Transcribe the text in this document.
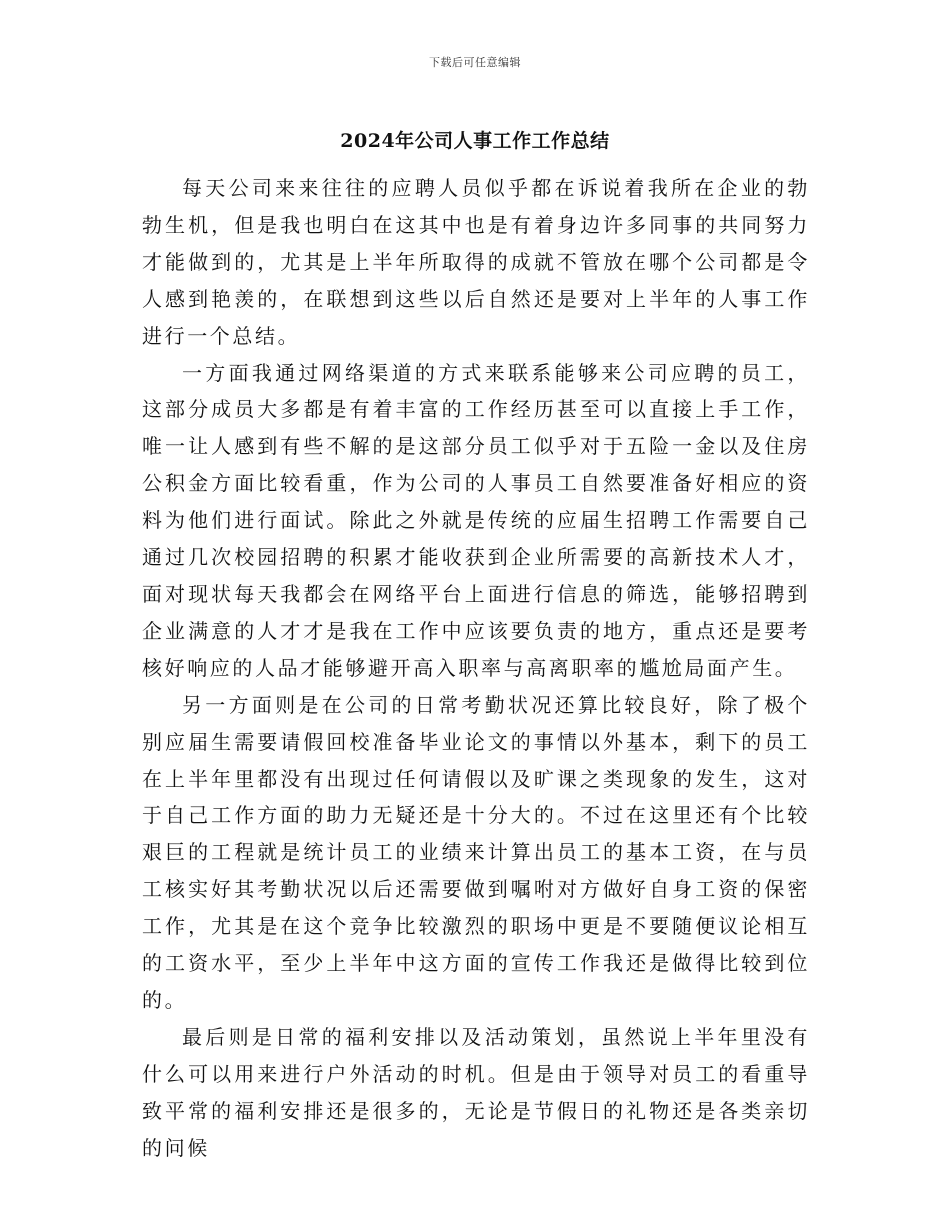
下载后可任意编辑
2024年公司人事工作工作总结

每天公司来来往往的应聘人员似乎都在诉说着我所在企业的勃勃生机，但是我也明白在这其中也是有着身边许多同事的共同努力才能做到的，尤其是上半年所取得的成就不管放在哪个公司都是令人感到艳羡的，在联想到这些以后自然还是要对上半年的人事工作进行一个总结。

一方面我通过网络渠道的方式来联系能够来公司应聘的员工，这部分成员大多都是有着丰富的工作经历甚至可以直接上手工作，唯一让人感到有些不解的是这部分员工似乎对于五险一金以及住房公积金方面比较看重，作为公司的人事员工自然要准备好相应的资料为他们进行面试。除此之外就是传统的应届生招聘工作需要自己通过几次校园招聘的积累才能收获到企业所需要的高新技术人才，面对现状每天我都会在网络平台上面进行信息的筛选，能够招聘到企业满意的人才才是我在工作中应该要负责的地方，重点还是要考核好响应的人品才能够避开高入职率与高离职率的尴尬局面产生。

另一方面则是在公司的日常考勤状况还算比较良好，除了极个别应届生需要请假回校准备毕业论文的事情以外基本，剩下的员工在上半年里都没有出现过任何请假以及旷课之类现象的发生，这对于自己工作方面的助力无疑还是十分大的。不过在这里还有个比较艰巨的工程就是统计员工的业绩来计算出员工的基本工资，在与员工核实好其考勤状况以后还需要做到嘱咐对方做好自身工资的保密工作，尤其是在这个竞争比较激烈的职场中更是不要随便议论相互的工资水平，至少上半年中这方面的宣传工作我还是做得比较到位的。

最后则是日常的福利安排以及活动策划，虽然说上半年里没有什么可以用来进行户外活动的时机。但是由于领导对员工的看重导致平常的福利安排还是很多的，无论是节假日的礼物还是各类亲切的问候
